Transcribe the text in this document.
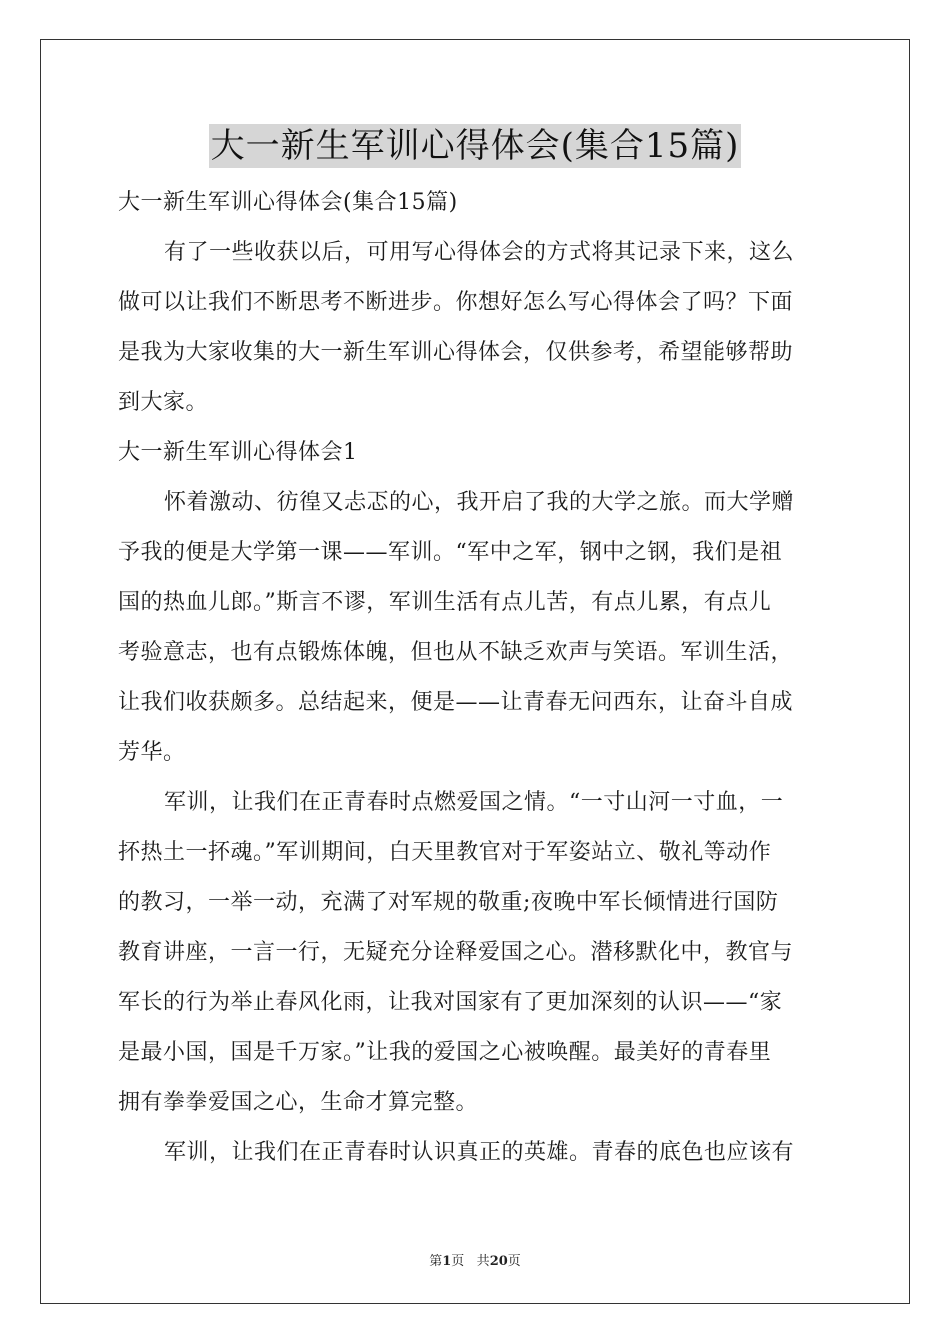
大一新生军训心得体会(集合15篇)
大一新生军训心得体会(集合15篇)
有了一些收获以后，可用写心得体会的方式将其记录下来，这么
做可以让我们不断思考不断进步。你想好怎么写心得体会了吗？下面
是我为大家收集的大一新生军训心得体会，仅供参考，希望能够帮助
到大家。
大一新生军训心得体会1
怀着激动、彷徨又忐忑的心，我开启了我的大学之旅。而大学赠
予我的便是大学第一课——军训。“军中之军，钢中之钢，我们是祖
国的热血儿郎。”斯言不谬，军训生活有点儿苦，有点儿累，有点儿
考验意志，也有点锻炼体魄，但也从不缺乏欢声与笑语。军训生活，
让我们收获颇多。总结起来，便是——让青春无问西东，让奋斗自成
芳华。
军训，让我们在正青春时点燃爱国之情。“一寸山河一寸血，一
抔热土一抔魂。”军训期间，白天里教官对于军姿站立、敬礼等动作
的教习，一举一动，充满了对军规的敬重;夜晚中军长倾情进行国防
教育讲座，一言一行，无疑充分诠释爱国之心。潜移默化中，教官与
军长的行为举止春风化雨，让我对国家有了更加深刻的认识——“家
是最小国，国是千万家。”让我的爱国之心被唤醒。最美好的青春里
拥有拳拳爱国之心，生命才算完整。
军训，让我们在正青春时认识真正的英雄。青春的底色也应该有
第1页 共20页
